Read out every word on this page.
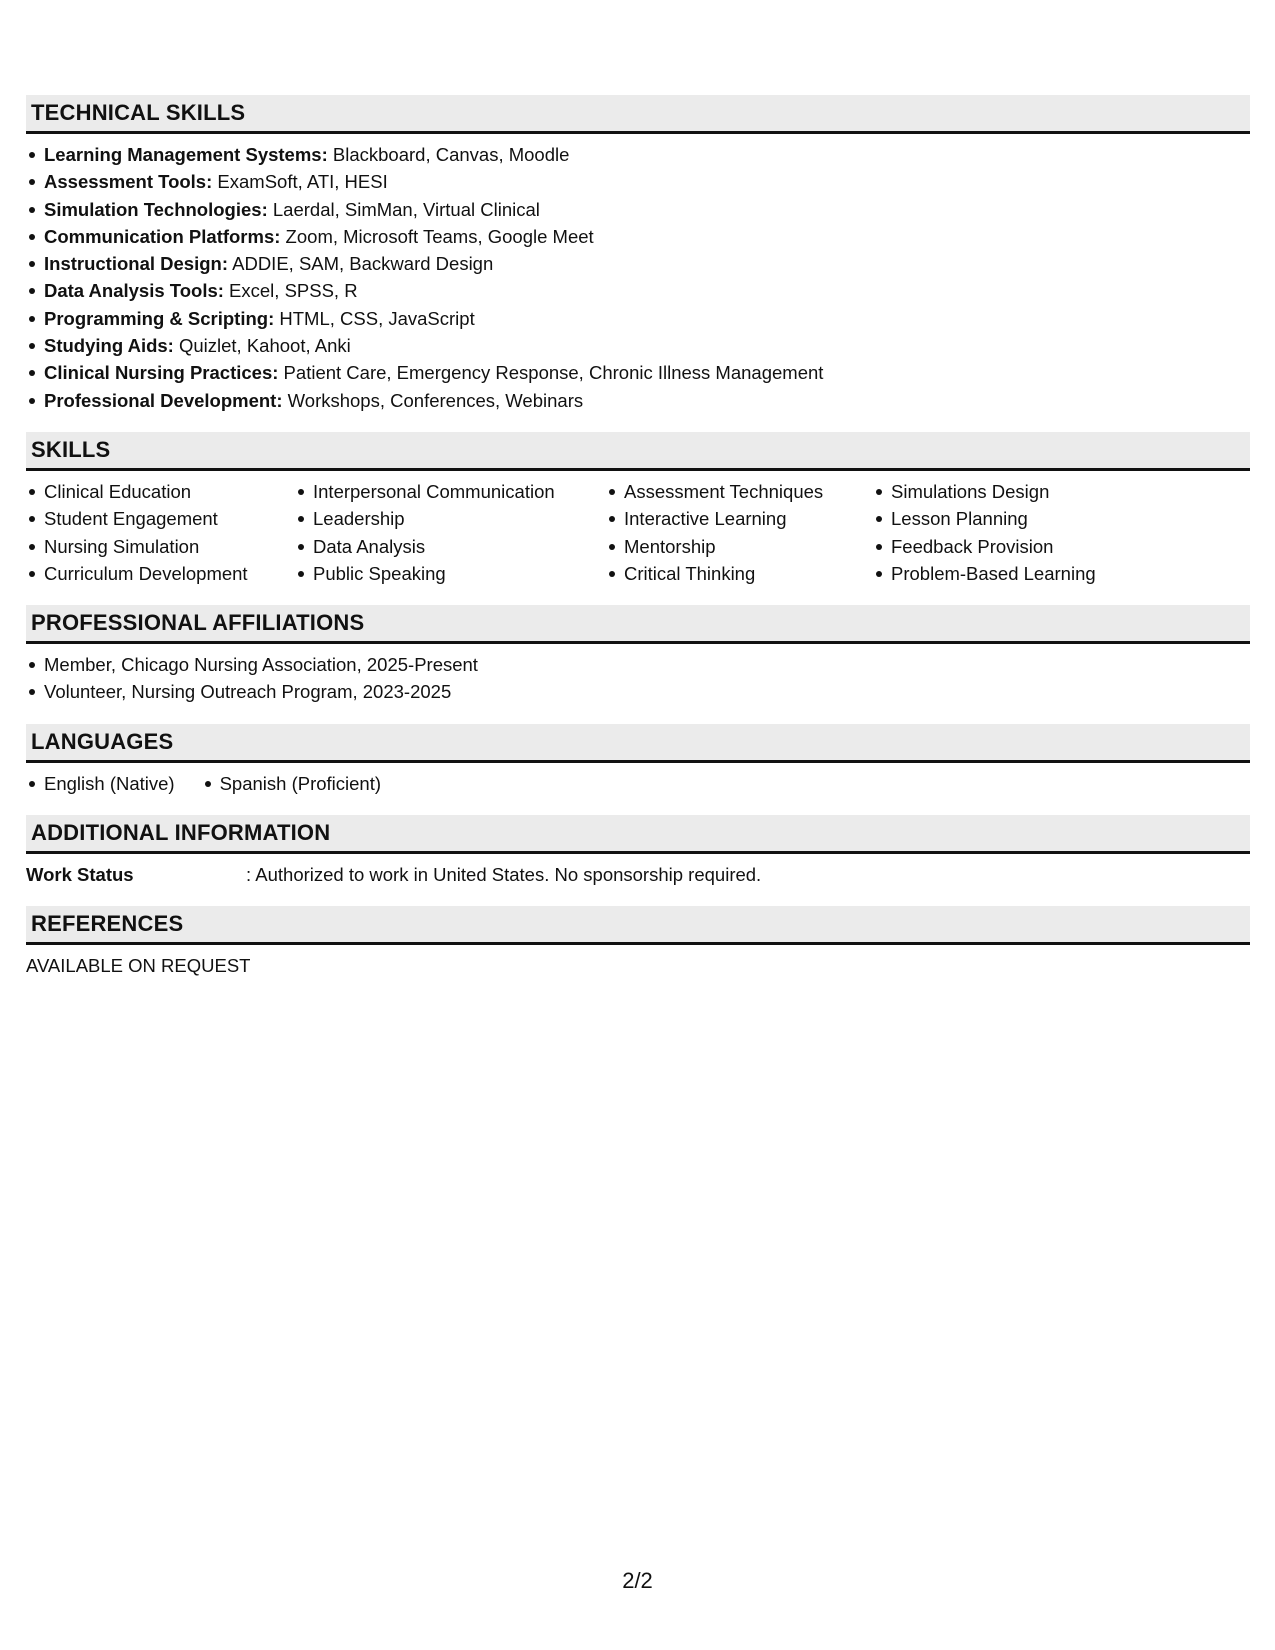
TECHNICAL SKILLS
Learning Management Systems: Blackboard, Canvas, Moodle
Assessment Tools: ExamSoft, ATI, HESI
Simulation Technologies: Laerdal, SimMan, Virtual Clinical
Communication Platforms: Zoom, Microsoft Teams, Google Meet
Instructional Design: ADDIE, SAM, Backward Design
Data Analysis Tools: Excel, SPSS, R
Programming & Scripting: HTML, CSS, JavaScript
Studying Aids: Quizlet, Kahoot, Anki
Clinical Nursing Practices: Patient Care, Emergency Response, Chronic Illness Management
Professional Development: Workshops, Conferences, Webinars
SKILLS
Clinical Education
Student Engagement
Nursing Simulation
Curriculum Development
Interpersonal Communication
Leadership
Data Analysis
Public Speaking
Assessment Techniques
Interactive Learning
Mentorship
Critical Thinking
Simulations Design
Lesson Planning
Feedback Provision
Problem-Based Learning
PROFESSIONAL AFFILIATIONS
Member, Chicago Nursing Association, 2025-Present
Volunteer, Nursing Outreach Program, 2023-2025
LANGUAGES
English (Native) Spanish (Proficient)
ADDITIONAL INFORMATION
Work Status	: Authorized to work in United States. No sponsorship required.
REFERENCES
AVAILABLE ON REQUEST
2/2
